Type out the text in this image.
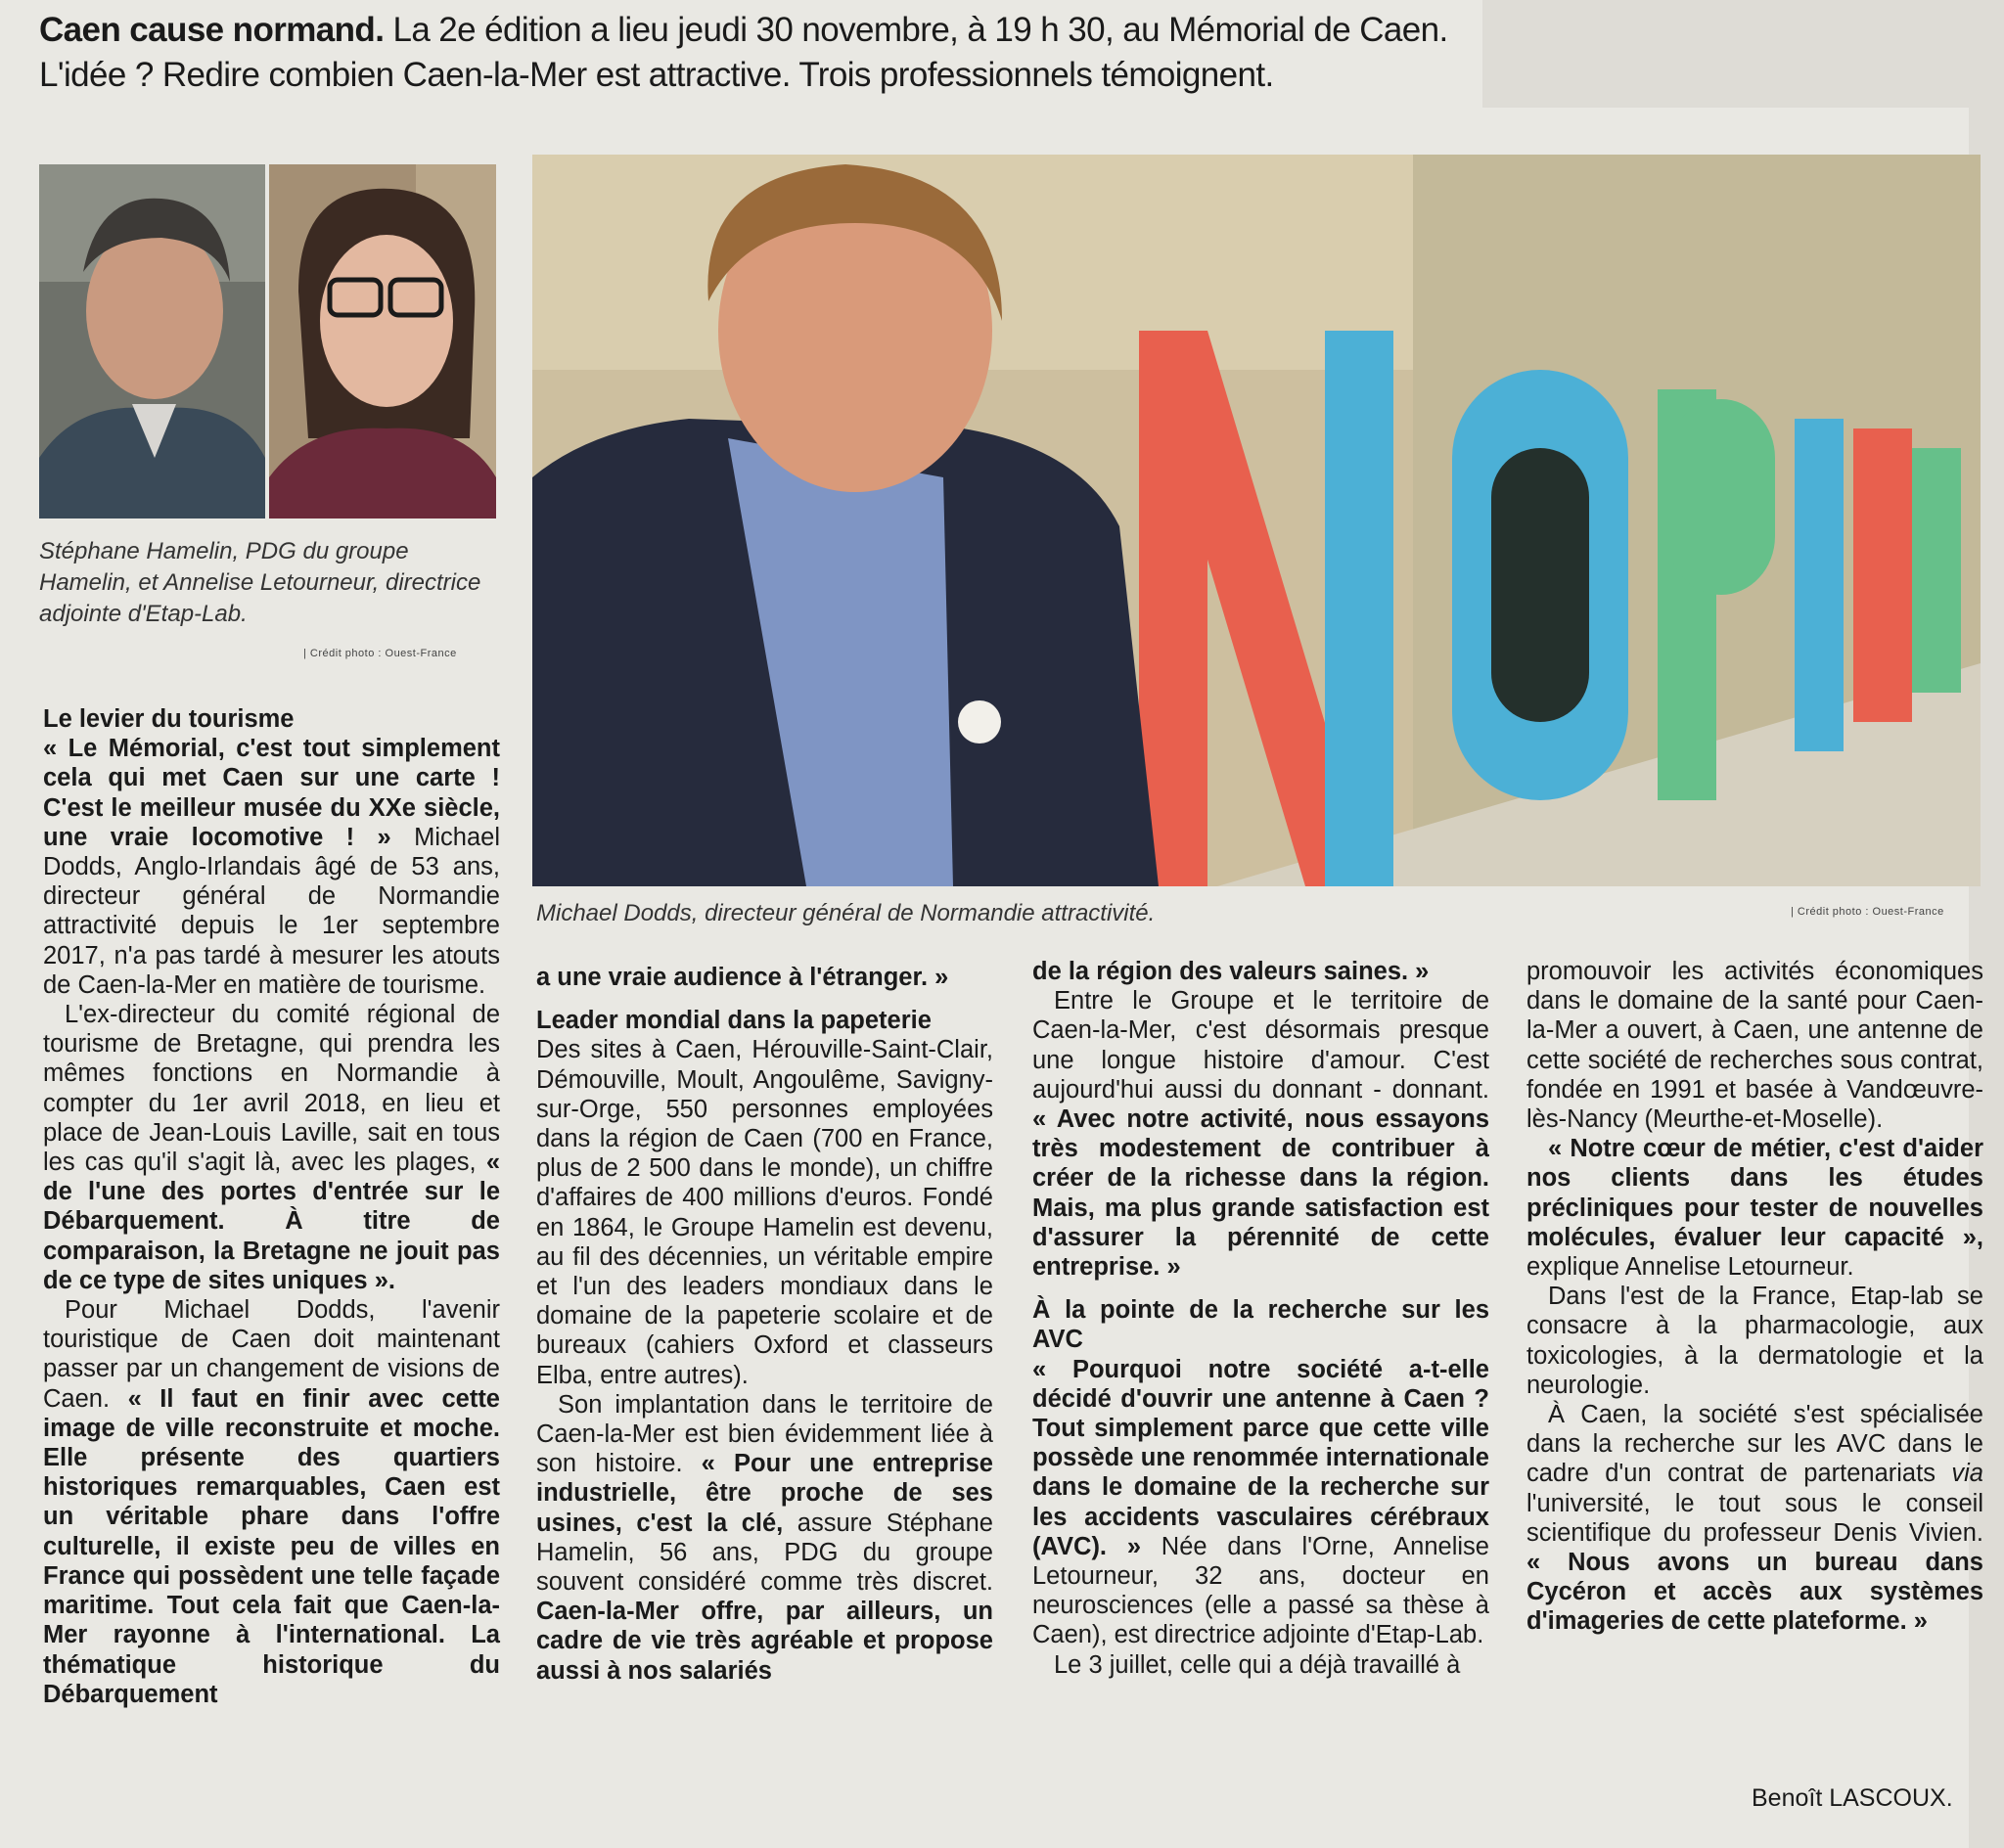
Caen cause normand. La 2e édition a lieu jeudi 30 novembre, à 19 h 30, au Mémorial de Caen.
L'idée ? Redire combien Caen-la-Mer est attractive. Trois professionnels témoignent.
Stéphane Hamelin, PDG du groupe Hamelin, et Annelise Letourneur, directrice adjointe d'Etap-Lab.
| Crédit photo : Ouest-France
Michael Dodds, directeur général de Normandie attractivité.	| Crédit photo : Ouest-France
Le levier du tourisme

« Le Mémorial, c'est tout simplement cela qui met Caen sur une carte ! C'est le meilleur musée du XXe siècle, une vraie locomotive ! » Michael Dodds, Anglo-Irlandais âgé de 53 ans, directeur général de Normandie attractivité depuis le 1er septembre 2017, n'a pas tardé à mesurer les atouts de Caen-la-Mer en matière de tourisme.

L'ex-directeur du comité régional de tourisme de Bretagne, qui prendra les mêmes fonctions en Normandie à compter du 1er avril 2018, en lieu et place de Jean-Louis Laville, sait en tous les cas qu'il s'agit là, avec les plages, « de l'une des portes d'entrée sur le Débarquement. À titre de comparaison, la Bretagne ne jouit pas de ce type de sites uniques ».

Pour Michael Dodds, l'avenir touristique de Caen doit maintenant passer par un changement de visions de Caen. « Il faut en finir avec cette image de ville reconstruite et moche. Elle présente des quartiers historiques remarquables, Caen est un véritable phare dans l'offre culturelle, il existe peu de villes en France qui possèdent une telle façade maritime. Tout cela fait que Caen-la-Mer rayonne à l'international. La thématique historique du Débarquement

a une vraie audience à l'étranger. »

Leader mondial dans la papeterie

Des sites à Caen, Hérouville-Saint-Clair, Démouville, Moult, Angoulême, Savigny-sur-Orge, 550 personnes employées dans la région de Caen (700 en France, plus de 2 500 dans le monde), un chiffre d'affaires de 400 millions d'euros. Fondé en 1864, le Groupe Hamelin est devenu, au fil des décennies, un véritable empire et l'un des leaders mondiaux dans le domaine de la papeterie scolaire et de bureaux (cahiers Oxford et classeurs Elba, entre autres).

Son implantation dans le territoire de Caen-la-Mer est bien évidemment liée à son histoire. « Pour une entreprise industrielle, être proche de ses usines, c'est la clé, assure Stéphane Hamelin, 56 ans, PDG du groupe souvent considéré comme très discret. Caen-la-Mer offre, par ailleurs, un cadre de vie très agréable et propose aussi à nos salariés

de la région des valeurs saines. »

Entre le Groupe et le territoire de Caen-la-Mer, c'est désormais presque une longue histoire d'amour. C'est aujourd'hui aussi du donnant - donnant. « Avec notre activité, nous essayons très modestement de contribuer à créer de la richesse dans la région. Mais, ma plus grande satisfaction est d'assurer la pérennité de cette entreprise. »

À la pointe de la recherche sur les AVC

« Pourquoi notre société a-t-elle décidé d'ouvrir une antenne à Caen ? Tout simplement parce que cette ville possède une renommée internationale dans le domaine de la recherche sur les accidents vasculaires cérébraux (AVC). » Née dans l'Orne, Annelise Letourneur, 32 ans, docteur en neurosciences (elle a passé sa thèse à Caen), est directrice adjointe d'Etap-Lab.

Le 3 juillet, celle qui a déjà travaillé à

promouvoir les activités économiques dans le domaine de la santé pour Caen-la-Mer a ouvert, à Caen, une antenne de cette société de recherches sous contrat, fondée en 1991 et basée à Vandœuvre-lès-Nancy (Meurthe-et-Moselle).

« Notre cœur de métier, c'est d'aider nos clients dans les études précliniques pour tester de nouvelles molécules, évaluer leur capacité », explique Annelise Letourneur.

Dans l'est de la France, Etap-lab se consacre à la pharmacologie, aux toxicologies, à la dermatologie et la neurologie.

À Caen, la société s'est spécialisée dans la recherche sur les AVC dans le cadre d'un contrat de partenariats via l'université, le tout sous le conseil scientifique du professeur Denis Vivien. « Nous avons un bureau dans Cycéron et accès aux systèmes d'imageries de cette plateforme. »

Benoît LASCOUX.
